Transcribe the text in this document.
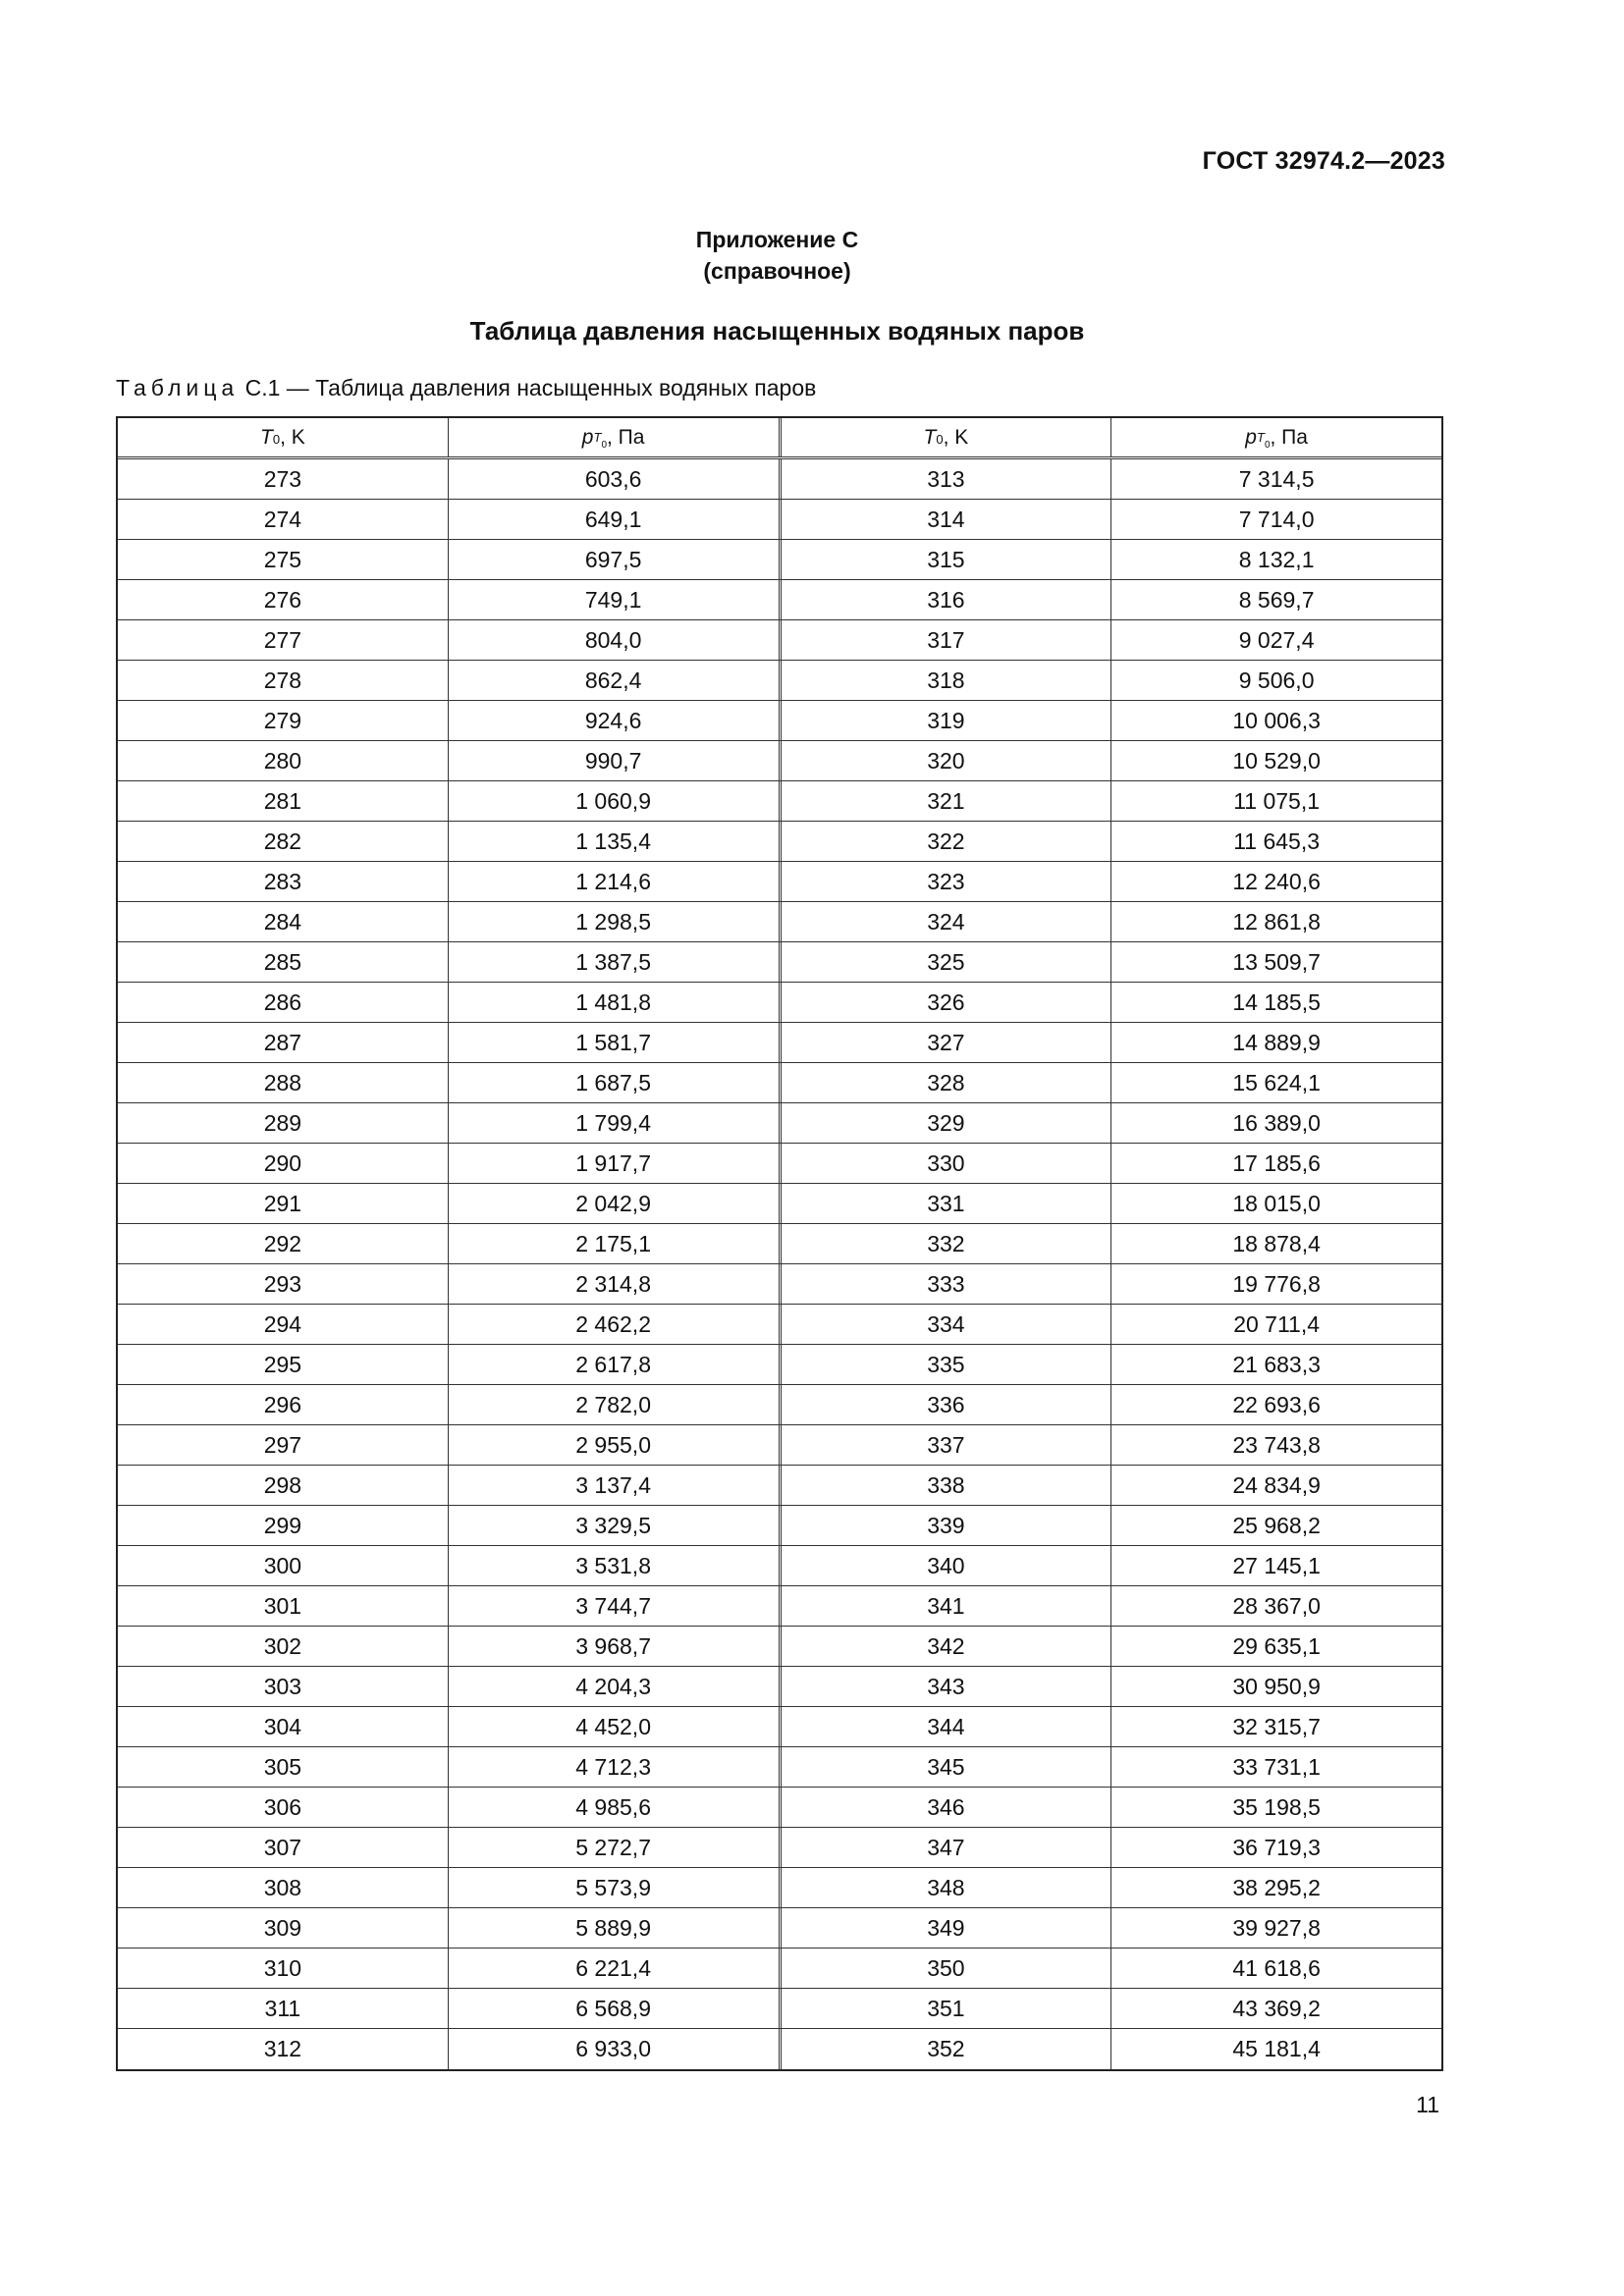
ГОСТ 32974.2—2023
Приложение С
(справочное)
Таблица давления насыщенных водяных паров
Таблица С.1 — Таблица давления насыщенных водяных паров
$T_0$ , K	p $_{T_0}$ , Па	$T_0$ , K	p $_{T_0}$ , Па
273	603,6	313	7 314,5
274	649,1	314	7 714,0
275	697,5	315	8 132,1
276	749,1	316	8 569,7
277	804,0	317	9 027,4
278	862,4	318	9 506,0
279	924,6	319	10 006,3
280	990,7	320	10 529,0
281	1 060,9	321	11 075,1
282	1 135,4	322	11 645,3
283	1 214,6	323	12 240,6
284	1 298,5	324	12 861,8
285	1 387,5	325	13 509,7
286	1 481,8	326	14 185,5
287	1 581,7	327	14 889,9
288	1 687,5	328	15 624,1
289	1 799,4	329	16 389,0
290	1 917,7	330	17 185,6
291	2 042,9	331	18 015,0
292	2 175,1	332	18 878,4
293	2 314,8	333	19 776,8
294	2 462,2	334	20 711,4
295	2 617,8	335	21 683,3
296	2 782,0	336	22 693,6
297	2 955,0	337	23 743,8
298	3 137,4	338	24 834,9
299	3 329,5	339	25 968,2
300	3 531,8	340	27 145,1
301	3 744,7	341	28 367,0
302	3 968,7	342	29 635,1
303	4 204,3	343	30 950,9
304	4 452,0	344	32 315,7
305	4 712,3	345	33 731,1
306	4 985,6	346	35 198,5
307	5 272,7	347	36 719,3
308	5 573,9	348	38 295,2
309	5 889,9	349	39 927,8
310	6 221,4	350	41 618,6
311	6 568,9	351	43 369,2
312	6 933,0	352	45 181,4
11
